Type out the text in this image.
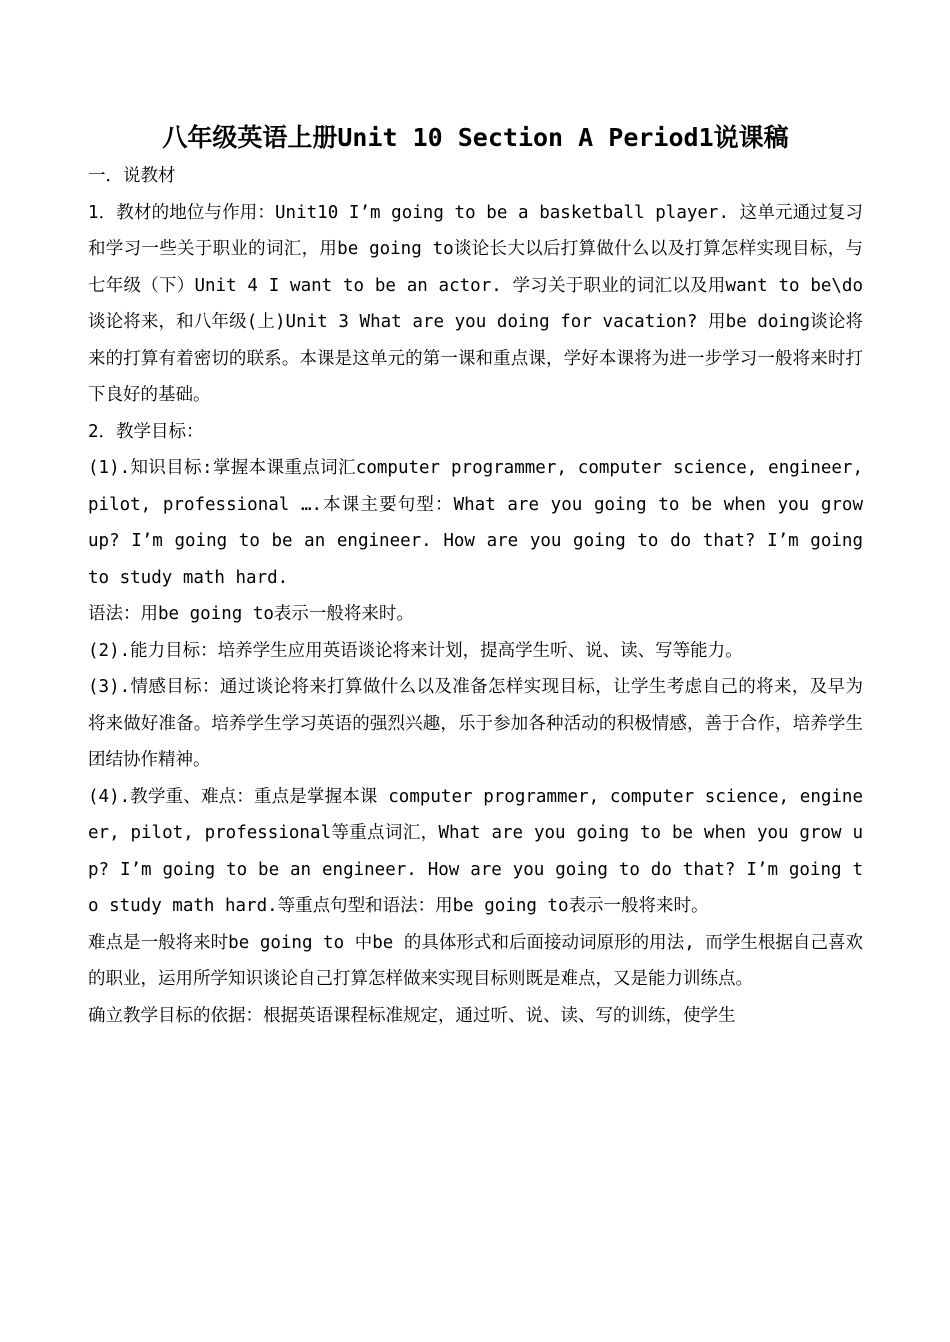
八年级英语上册Unit 10 Section A Period1说课稿

一．说教材

1．教材的地位与作用：Unit10 I’m going to be a basketball player. 这单元通过复习和学习一些关于职业的词汇，用be going to谈论长大以后打算做什么以及打算怎样实现目标，与七年级（下）Unit 4 I want to be an actor. 学习关于职业的词汇以及用want to be\do谈论将来，和八年级(上)Unit 3 What are you doing for vacation? 用be doing谈论将来的打算有着密切的联系。本课是这单元的第一课和重点课，学好本课将为进一步学习一般将来时打下良好的基础。

2．教学目标：

(1).知识目标:掌握本课重点词汇computer programmer, computer science, engineer, pilot, professional ….本课主要句型：What are you going to be when you grow up? I’m going to be an engineer. How are you going to do that? I’m going to study math hard.

语法：用be going to表示一般将来时。

(2).能力目标：培养学生应用英语谈论将来计划，提高学生听、说、读、写等能力。

(3).情感目标：通过谈论将来打算做什么以及准备怎样实现目标，让学生考虑自己的将来，及早为将来做好准备。培养学生学习英语的强烈兴趣，乐于参加各种活动的积极情感，善于合作，培养学生团结协作精神。

(4).教学重、难点：重点是掌握本课 computer programmer, computer science, engineer, pilot, professional等重点词汇，What are you going to be when you grow up? I’m going to be an engineer. How are you going to do that? I’m going to study math hard.等重点句型和语法：用be going to表示一般将来时。

难点是一般将来时be going to 中be 的具体形式和后面接动词原形的用法, 而学生根据自己喜欢的职业，运用所学知识谈论自己打算怎样做来实现目标则既是难点，又是能力训练点。

确立教学目标的依据：根据英语课程标准规定，通过听、说、读、写的训练，使学生
